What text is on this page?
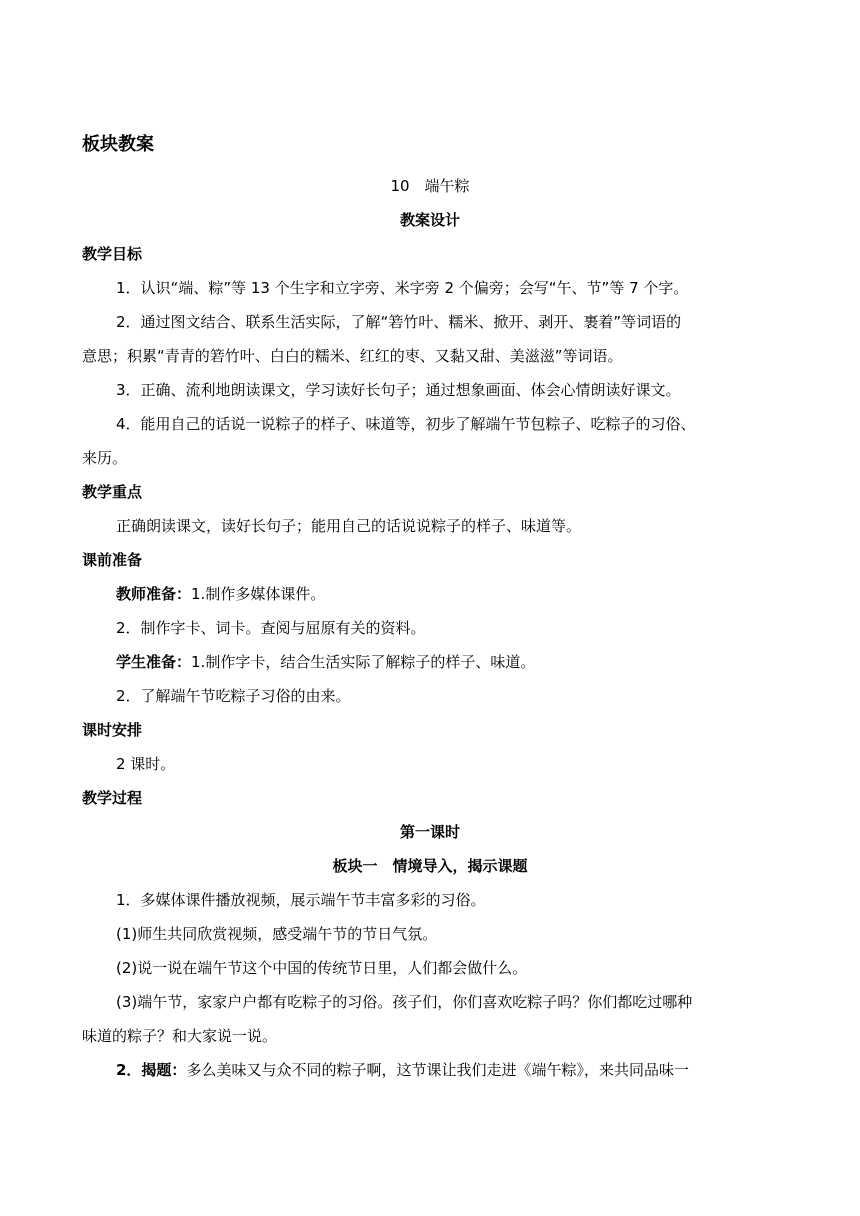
板块教案
10　端午粽
教案设计
教学目标
1．认识“端、粽”等 13 个生字和立字旁、米字旁 2 个偏旁；会写“午、节”等 7 个字。
2．通过图文结合、联系生活实际，了解“箬竹叶、糯米、掀开、剥开、裹着”等词语的
意思；积累“青青的箬竹叶、白白的糯米、红红的枣、又黏又甜、美滋滋”等词语。
3．正确、流利地朗读课文，学习读好长句子；通过想象画面、体会心情朗读好课文。
4．能用自己的话说一说粽子的样子、味道等，初步了解端午节包粽子、吃粽子的习俗、
来历。
教学重点
正确朗读课文，读好长句子；能用自己的话说说粽子的样子、味道等。
课前准备
教师准备：1.制作多媒体课件。
2．制作字卡、词卡。查阅与屈原有关的资料。
学生准备：1.制作字卡，结合生活实际了解粽子的样子、味道。
2．了解端午节吃粽子习俗的由来。
课时安排
2 课时。
教学过程
第一课时
板块一　情境导入，揭示课题
1．多媒体课件播放视频，展示端午节丰富多彩的习俗。
(1)师生共同欣赏视频，感受端午节的节日气氛。
(2)说一说在端午节这个中国的传统节日里，人们都会做什么。
(3)端午节，家家户户都有吃粽子的习俗。孩子们，你们喜欢吃粽子吗？你们都吃过哪种
味道的粽子？和大家说一说。
2．揭题：多么美味又与众不同的粽子啊，这节课让我们走进《端午粽》，来共同品味一
